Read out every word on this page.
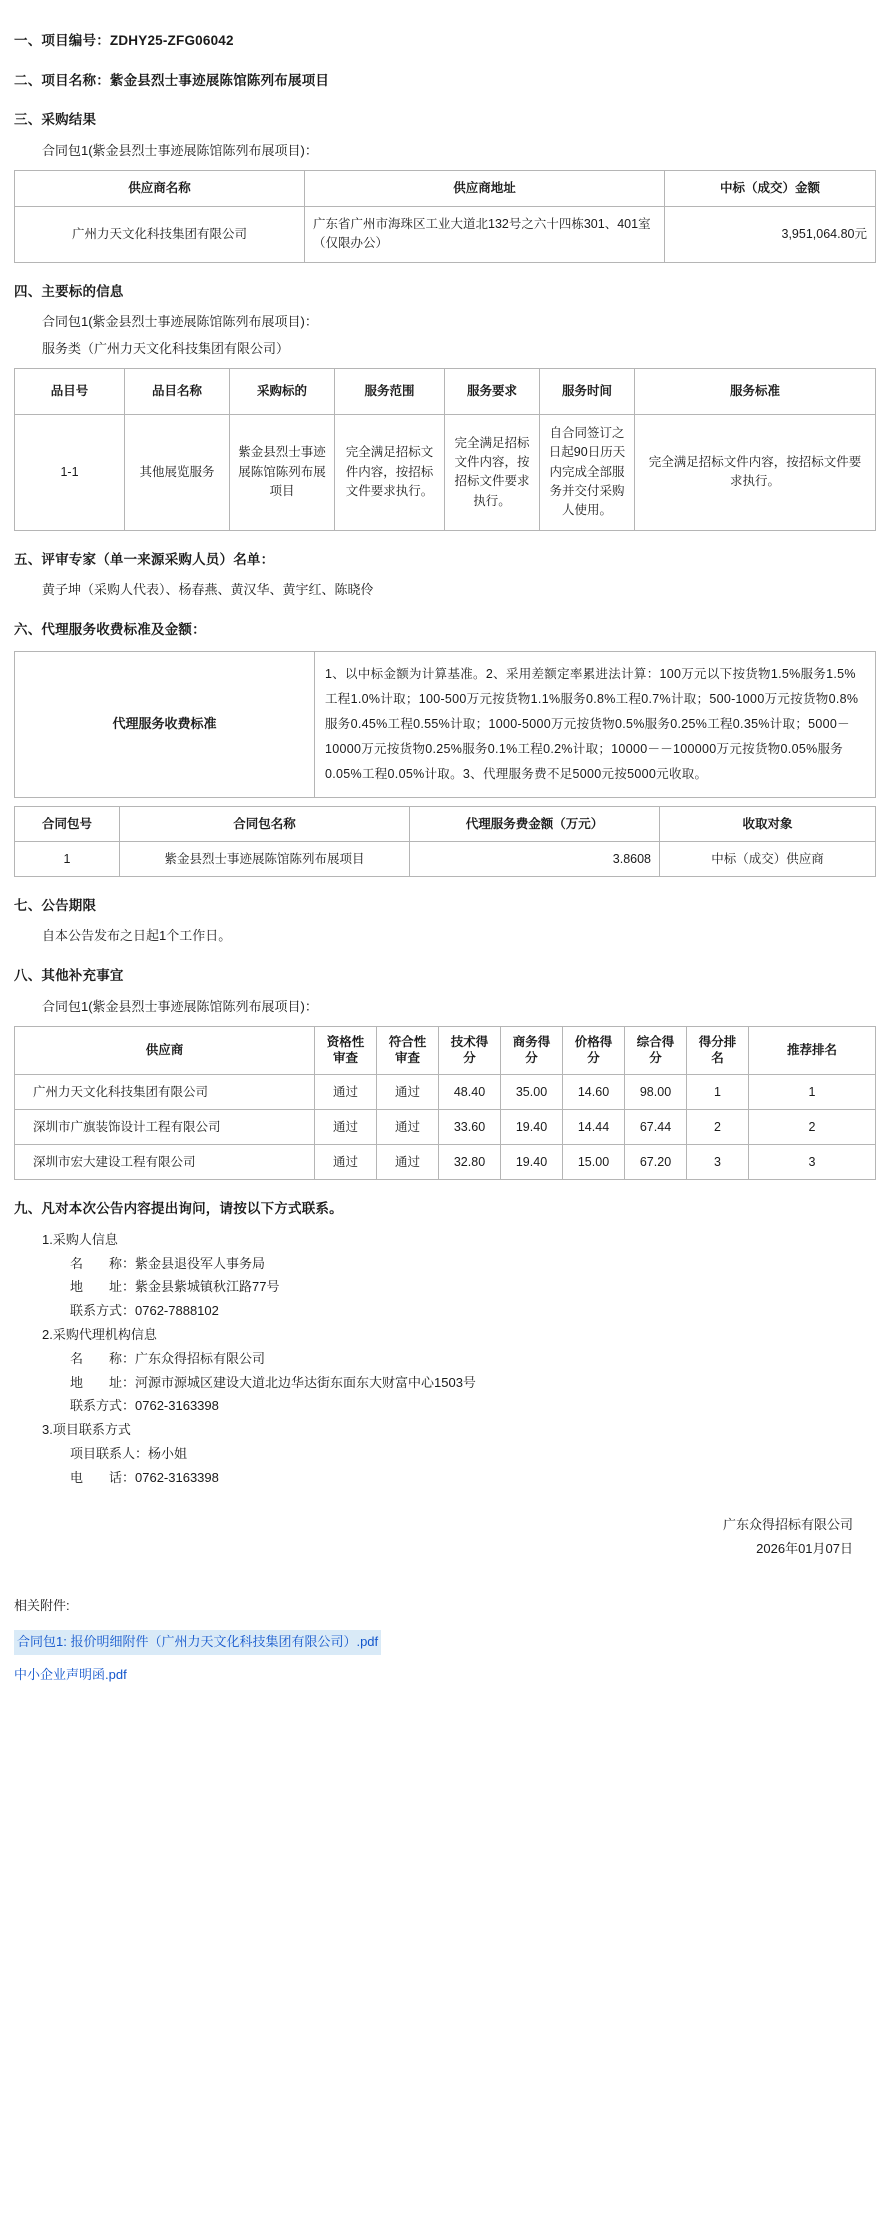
一、项目编号：ZDHY25-ZFG06042
二、项目名称：紫金县烈士事迹展陈馆陈列布展项目
三、采购结果
合同包1(紫金县烈士事迹展陈馆陈列布展项目)：
供应商名称	供应商地址	中标（成交）金额
广州力天文化科技集团有限公司	广东省广州市海珠区工业大道北132号之六十四栋301、401室（仅限办公）	3,951,064.80元
四、主要标的信息
合同包1(紫金县烈士事迹展陈馆陈列布展项目)：
服务类（广州力天文化科技集团有限公司）
品目号	品目名称	采购标的	服务范围	服务要求	服务时间	服务标准
1-1	其他展览服务	紫金县烈士事迹展陈馆陈列布展项目	完全满足招标文件内容，按招标文件要求执行。	完全满足招标文件内容，按招标文件要求执行。	自合同签订之日起90日历天内完成全部服务并交付采购人使用。	完全满足招标文件内容，按招标文件要求执行。
五、评审专家（单一来源采购人员）名单：
黄子坤（采购人代表）、杨春燕、黄汉华、黄宇红、陈晓伶
六、代理服务收费标准及金额：
代理服务收费标准	1、以中标金额为计算基准。2、采用差额定率累进法计算：100万元以下按货物1.5%服务1.5%工程1.0%计取；100-500万元按货物1.1%服务0.8%工程0.7%计取；500-1000万元按货物0.8%服务0.45%工程0.55%计取；1000-5000万元按货物0.5%服务0.25%工程0.35%计取；5000－10000万元按货物0.25%服务0.1%工程0.2%计取；10000－－100000万元按货物0.05%服务0.05%工程0.05%计取。3、代理服务费不足5000元按5000元收取。
合同包号	合同包名称	代理服务费金额（万元）	收取对象
1	紫金县烈士事迹展陈馆陈列布展项目	3.8608	中标（成交）供应商
七、公告期限
自本公告发布之日起1个工作日。
八、其他补充事宜
合同包1(紫金县烈士事迹展陈馆陈列布展项目)：
供应商	资格性审查	符合性审查	技术得分	商务得分	价格得分	综合得分	得分排名	推荐排名
广州力天文化科技集团有限公司	通过	通过	48.40	35.00	14.60	98.00	1	1
深圳市广旗装饰设计工程有限公司	通过	通过	33.60	19.40	14.44	67.44	2	2
深圳市宏大建设工程有限公司	通过	通过	32.80	19.40	15.00	67.20	3	3
九、凡对本次公告内容提出询问，请按以下方式联系。
1.采购人信息
名　　称：紫金县退役军人事务局
地　　址：紫金县紫城镇秋江路77号
联系方式：0762-7888102
2.采购代理机构信息
名　　称：广东众得招标有限公司
地　　址：河源市源城区建设大道北边华达街东面东大财富中心1503号
联系方式：0762-3163398
3.项目联系方式
项目联系人：杨小姐
电　　话：0762-3163398
广东众得招标有限公司
2026年01月07日
相关附件:
合同包1: 报价明细附件（广州力天文化科技集团有限公司）.pdf
中小企业声明函.pdf
